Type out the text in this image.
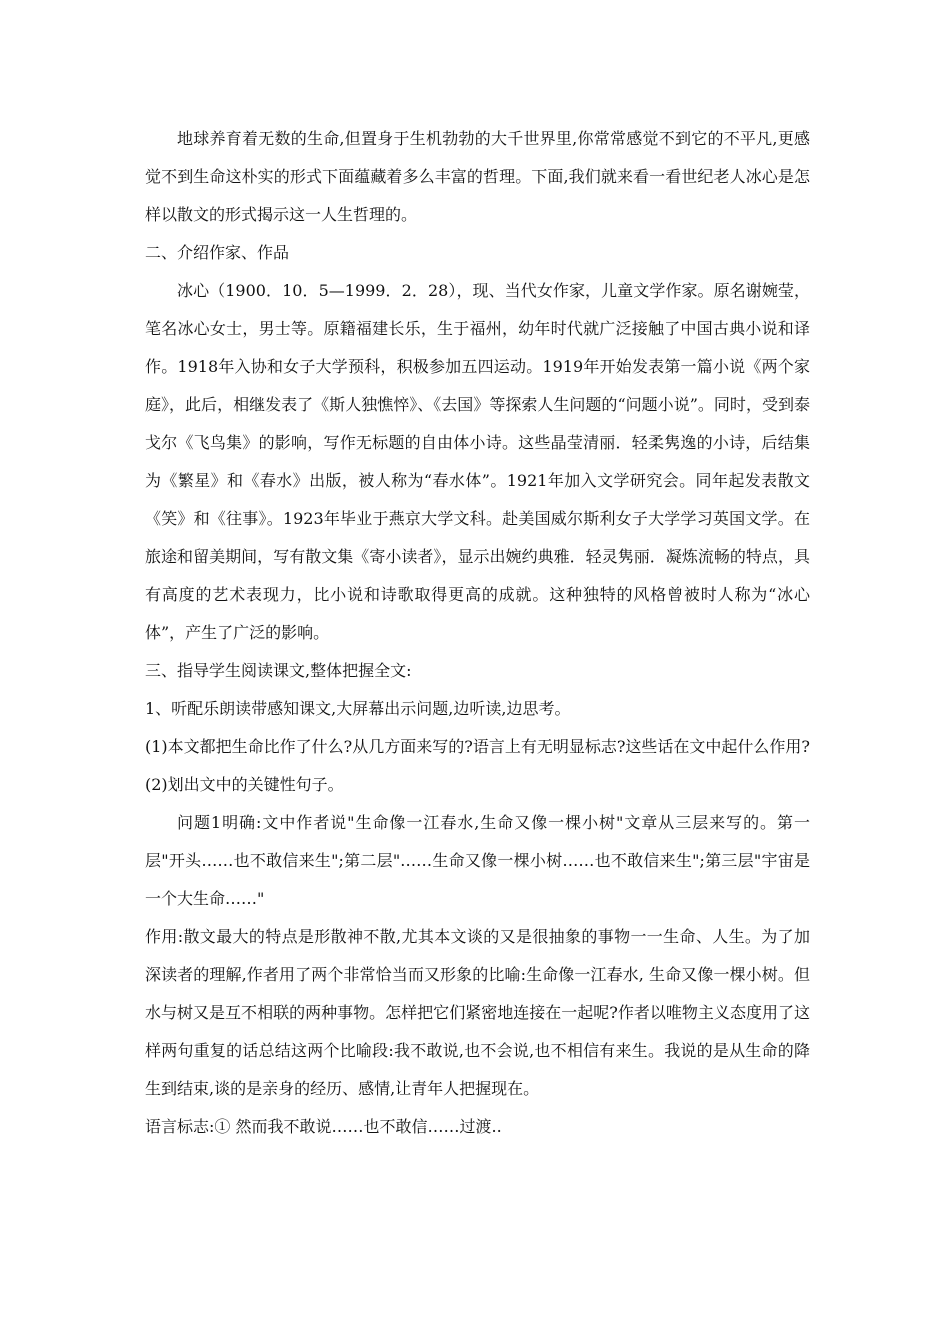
地球养育着无数的生命,但置身于生机勃勃的大千世界里,你常常感觉不到它的不平凡,更感觉不到生命这朴实的形式下面蕴藏着多么丰富的哲理。下面,我们就来看一看世纪老人冰心是怎样以散文的形式揭示这一人生哲理的。

二、介绍作家、作品

冰心（1900．10．5—1999．2．28），现、当代女作家，儿童文学作家。原名谢婉莹，笔名冰心女士，男士等。原籍福建长乐，生于福州，幼年时代就广泛接触了中国古典小说和译作。1918年入协和女子大学预科，积极参加五四运动。1919年开始发表第一篇小说《两个家庭》，此后，相继发表了《斯人独憔悴》、《去国》等探索人生问题的“问题小说”。同时，受到泰戈尔《飞鸟集》的影响，写作无标题的自由体小诗。这些晶莹清丽．轻柔隽逸的小诗，后结集为《繁星》和《春水》出版，被人称为“春水体”。1921年加入文学研究会。同年起发表散文《笑》和《往事》。1923年毕业于燕京大学文科。赴美国威尔斯利女子大学学习英国文学。在旅途和留美期间，写有散文集《寄小读者》，显示出婉约典雅．轻灵隽丽．凝炼流畅的特点，具有高度的艺术表现力，比小说和诗歌取得更高的成就。这种独特的风格曾被时人称为“冰心体”，产生了广泛的影响。

三、指导学生阅读课文,整体把握全文:

1、听配乐朗读带感知课文,大屏幕出示问题,边听读,边思考。

(1)本文都把生命比作了什么?从几方面来写的?语言上有无明显标志?这些话在文中起什么作用?

(2)划出文中的关键性句子。

问题1明确:文中作者说"生命像一江春水,生命又像一棵小树"文章从三层来写的。第一层"开头……也不敢信来生";第二层"……生命又像一棵小树……也不敢信来生";第三层"宇宙是一个大生命……"

作用:散文最大的特点是形散神不散,尤其本文谈的又是很抽象的事物一一生命、人生。为了加深读者的理解,作者用了两个非常恰当而又形象的比喻:生命像一江春水, 生命又像一棵小树。但水与树又是互不相联的两种事物。怎样把它们紧密地连接在一起呢?作者以唯物主义态度用了这样两句重复的话总结这两个比喻段:我不敢说,也不会说,也不相信有来生。我说的是从生命的降生到结束,谈的是亲身的经历、感情,让青年人把握现在。

语言标志:① 然而我不敢说……也不敢信……过渡..
